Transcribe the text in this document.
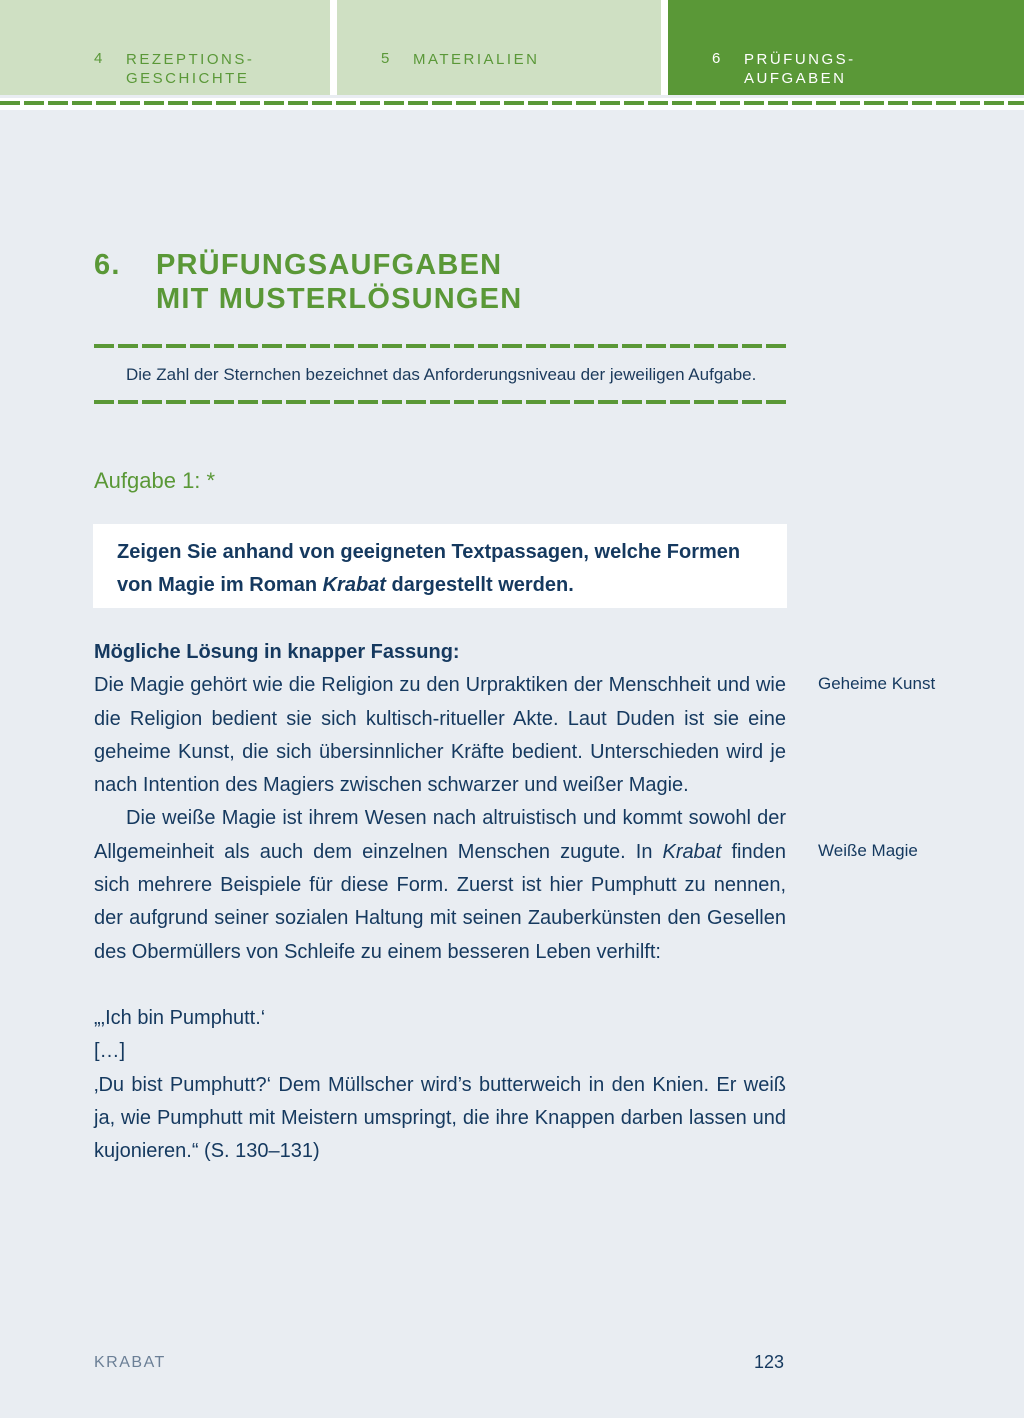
4 REZEPTIONS-
GESCHICHTE
5 MATERIALIEN	6 PRÜFUNGS-
AUFGABEN
6. PRÜFUNGSAUFGABEN
MIT MUSTERLÖSUNGEN
Die Zahl der Sternchen bezeichnet das Anforderungsniveau der jeweiligen Aufgabe.
Aufgabe 1: *

Zeigen Sie anhand von geeigneten Textpassagen, welche Formen von Magie im Roman Krabat dargestellt werden.

Mögliche Lösung in knapper Fassung:

Die Magie gehört wie die Religion zu den Urpraktiken der Menschheit und wie die Religion bedient sie sich kultisch-ritueller Akte. Laut Duden ist sie eine geheime Kunst, die sich übersinnlicher Kräfte bedient. Unterschieden wird je nach Intention des Magiers zwischen schwarzer und weißer Magie.

Die weiße Magie ist ihrem Wesen nach altruistisch und kommt sowohl der Allgemeinheit als auch dem einzelnen Menschen zugute. In Krabat finden sich mehrere Beispiele für diese Form. Zuerst ist hier Pumphutt zu nennen, der aufgrund seiner sozialen Haltung mit seinen Zauberkünsten den Gesellen des Obermüllers von Schleife zu einem besseren Leben verhilft:

„‚Ich bin Pumphutt.‘

[…]

‚Du bist Pumphutt?‘ Dem Müllscher wird’s butterweich in den Knien. Er weiß ja, wie Pumphutt mit Meistern umspringt, die ihre Knappen darben lassen und kujonieren.“ (S. 130–131)

Geheime Kunst
Weiße Magie
KRABAT	123
